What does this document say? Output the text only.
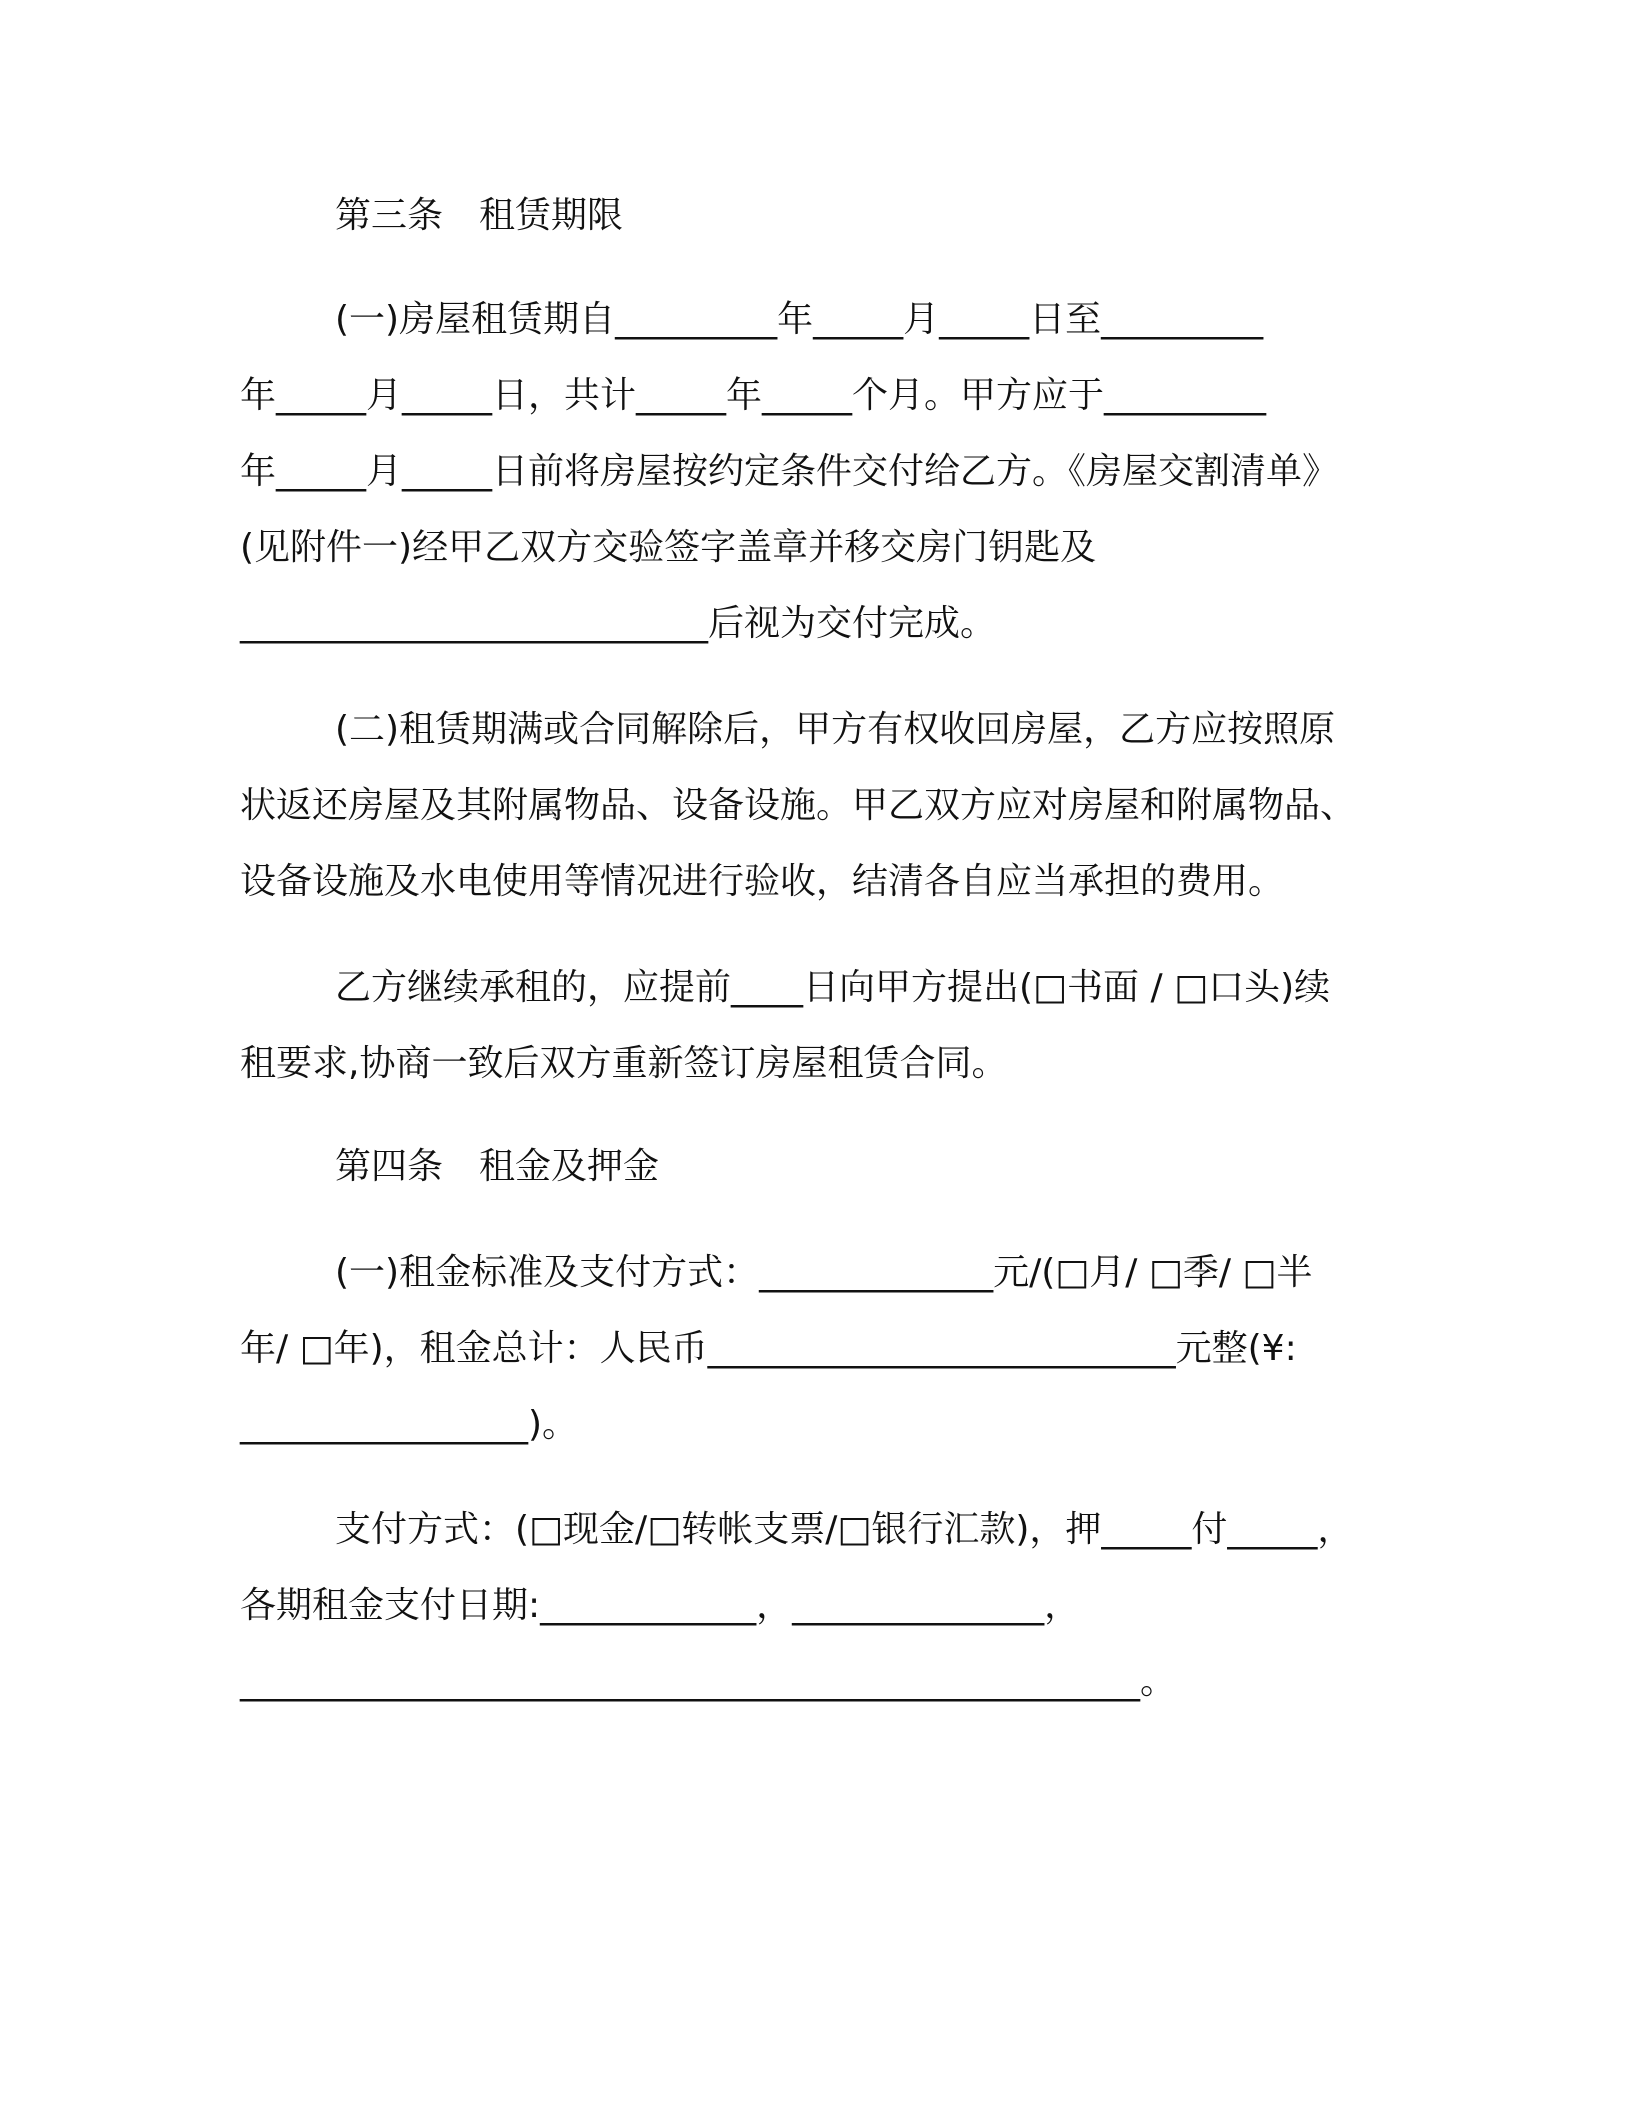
第三条　租赁期限
(一)房屋租赁期自_________年_____月_____日至_________
年_____月_____日，共计_____年_____个月。甲方应于_________
年_____月_____日前将房屋按约定条件交付给乙方。《房屋交割清单》
(见附件一)经甲乙双方交验签字盖章并移交房门钥匙及
__________________________后视为交付完成。
(二)租赁期满或合同解除后，甲方有权收回房屋，乙方应按照原
状返还房屋及其附属物品、设备设施。甲乙双方应对房屋和附属物品、
设备设施及水电使用等情况进行验收，结清各自应当承担的费用。
乙方继续承租的，应提前____日向甲方提出(□书面 / □口头)续
租要求,协商一致后双方重新签订房屋租赁合同。
第四条　租金及押金
(一)租金标准及支付方式：_____________元/(□月/ □季/ □半
年/ □年)，租金总计：人民币__________________________元整(¥:
________________)。
支付方式：(□现金/□转帐支票/□银行汇款)，押_____付_____，
各期租金支付日期:____________，______________，
__________________________________________________。
